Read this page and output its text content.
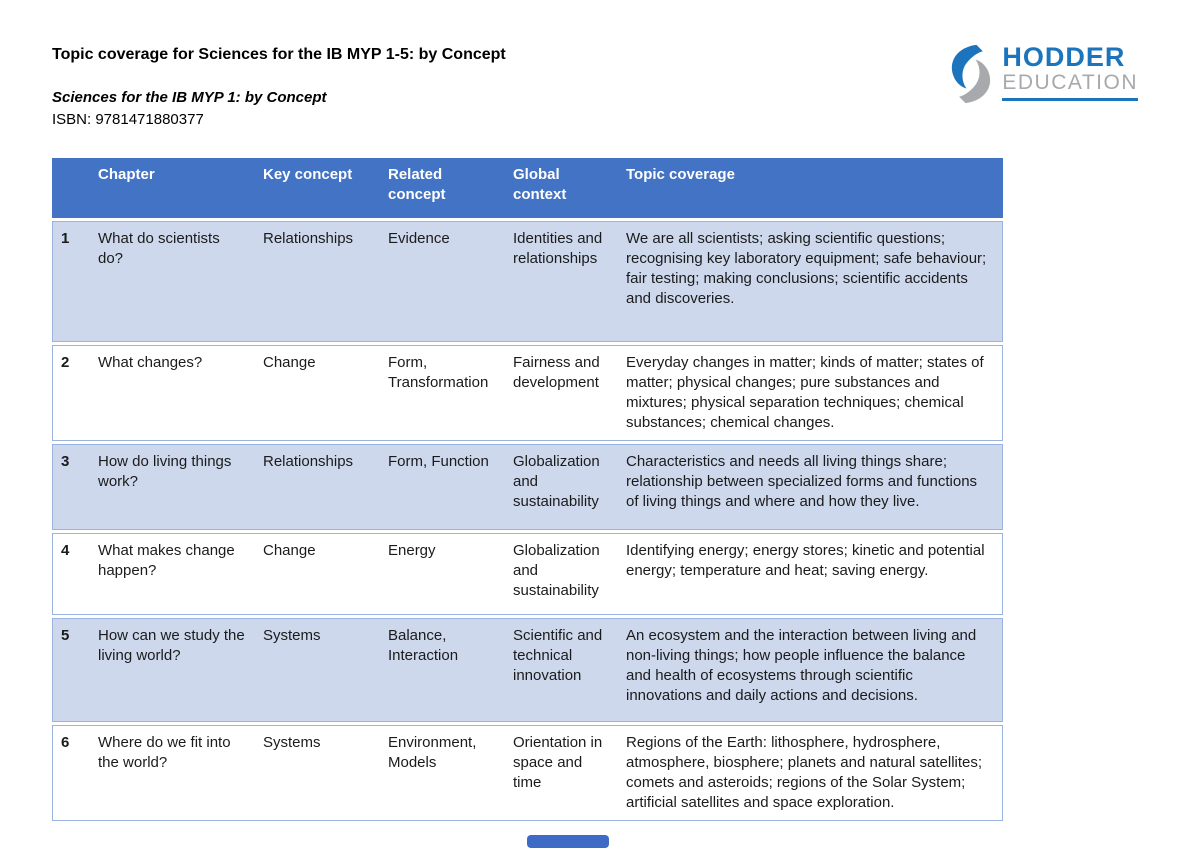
HODDER
EDUCATION
Topic coverage for Sciences for the IB MYP 1-5: by Concept
Sciences for the IB MYP 1: by Concept
ISBN: 9781471880377
	Chapter	Key concept	Related concept	Global context	Topic coverage
1	What do scientists do?	Relationships	Evidence	Identities and relationships	We are all scientists; asking scientific questions; recognising key laboratory equipment; safe behaviour; fair testing; making conclusions; scientific accidents and discoveries.
2	What changes?	Change	Form, Transformation	Fairness and development	Everyday changes in matter; kinds of matter; states of matter; physical changes; pure substances and mixtures; physical separation techniques; chemical substances; chemical changes.
3	How do living things work?	Relationships	Form, Function	Globalization and sustainability	Characteristics and needs all living things share; relationship between specialized forms and functions of living things and where and how they live.
4	What makes change happen?	Change	Energy	Globalization and sustainability	Identifying energy; energy stores; kinetic and potential energy; temperature and heat; saving energy.
5	How can we study the living world?	Systems	Balance, Interaction	Scientific and technical innovation	An ecosystem and the interaction between living and non-living things; how people influence the balance and health of ecosystems through scientific innovations and daily actions and decisions.
6	Where do we fit into the world?	Systems	Environment, Models	Orientation in space and time	Regions of the Earth: lithosphere, hydrosphere, atmosphere, biosphere; planets and natural satellites; comets and asteroids; regions of the Solar System; artificial satellites and space exploration.
